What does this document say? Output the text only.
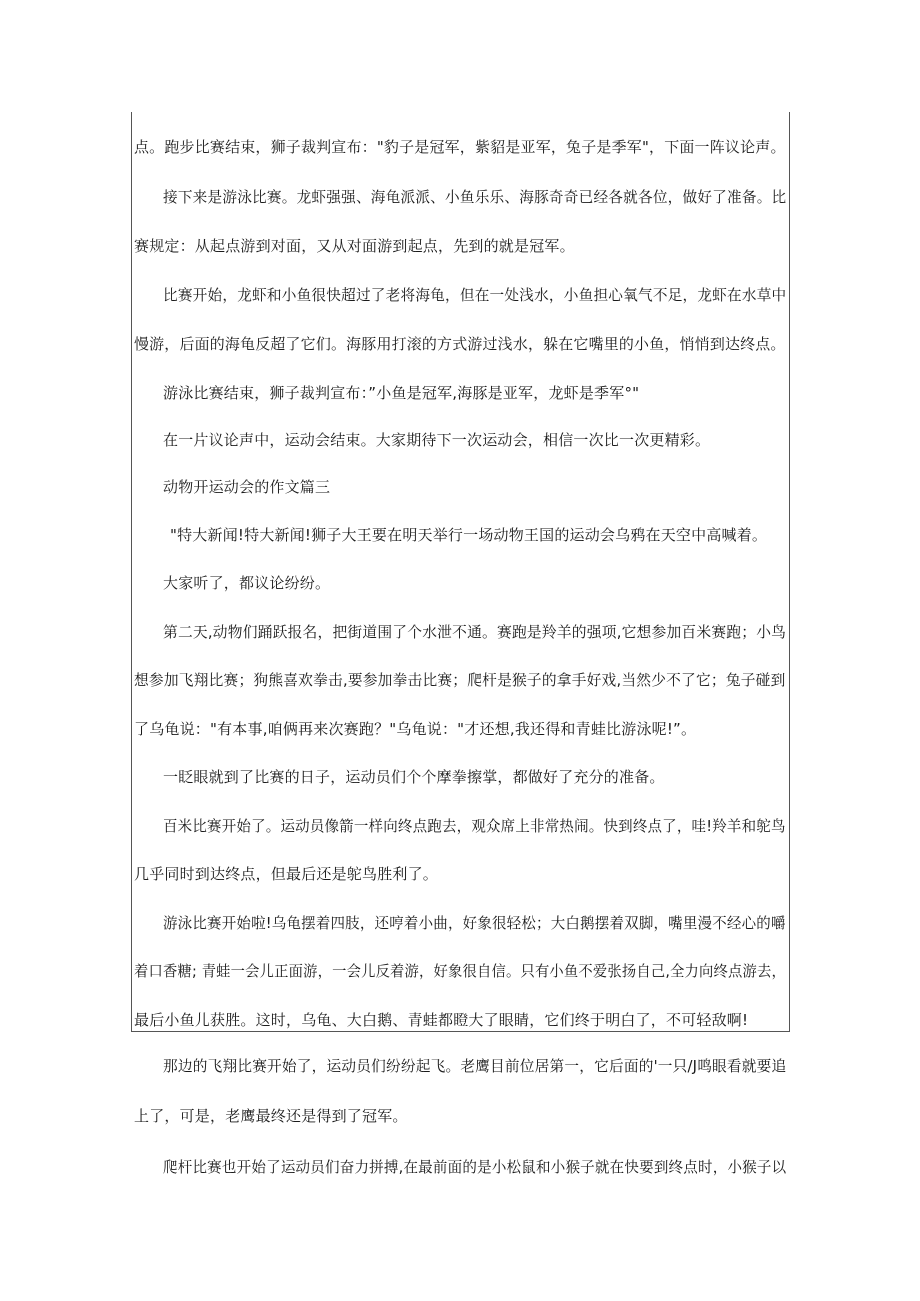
点。跑步比赛结束，狮子裁判宣布："豹子是冠军，紫貂是亚军，兔子是季军"，下面一阵议论声。
接下来是游泳比赛。龙虾强强、海龟派派、小鱼乐乐、海豚奇奇已经各就各位，做好了准备。比
赛规定：从起点游到对面，又从对面游到起点，先到的就是冠军。
比赛开始，龙虾和小鱼很快超过了老将海龟，但在一处浅水，小鱼担心氧气不足，龙虾在水草中
慢游，后面的海龟反超了它们。海豚用打滚的方式游过浅水，躲在它嘴里的小鱼，悄悄到达终点。
游泳比赛结束，狮子裁判宣布：”小鱼是冠军,海豚是亚军，龙虾是季军°"
在一片议论声中，运动会结束。大家期待下一次运动会，相信一次比一次更精彩。
动物开运动会的作文篇三
"特大新闻!特大新闻!狮子大王要在明天举行一场动物王国的运动会乌鸦在天空中高喊着。
大家听了，都议论纷纷。
第二天,动物们踊跃报名，把街道围了个水泄不通。赛跑是羚羊的强项,它想参加百米赛跑；小鸟
想参加飞翔比赛；狗熊喜欢拳击,要参加拳击比赛；爬杆是猴子的拿手好戏,当然少不了它；兔子碰到
了乌龟说："有本事,咱俩再来次赛跑？"乌龟说："才还想,我还得和青蛙比游泳呢!”。
一眨眼就到了比赛的日子，运动员们个个摩拳擦掌，都做好了充分的准备。
百米比赛开始了。运动员像箭一样向终点跑去，观众席上非常热闹。快到终点了，哇!羚羊和鸵鸟
几乎同时到达终点，但最后还是鸵鸟胜利了。
游泳比赛开始啦!乌龟摆着四肢，还哼着小曲，好象很轻松；大白鹅摆着双脚，嘴里漫不经心的嚼
着口香糖; 青蛙一会儿正面游，一会儿反着游，好象很自信。只有小鱼不爱张扬自己,全力向终点游去，
最后小鱼儿获胜。这时，乌龟、大白鹅、青蛙都瞪大了眼睛，它们终于明白了，不可轻敌啊!
那边的飞翔比赛开始了，运动员们纷纷起飞。老鹰目前位居第一，它后面的'一只/J鸣眼看就要追
上了，可是，老鹰最终还是得到了冠军。
爬杆比赛也开始了运动员们奋力拼搏,在最前面的是小松鼠和小猴子就在快要到终点时，小猴子以
